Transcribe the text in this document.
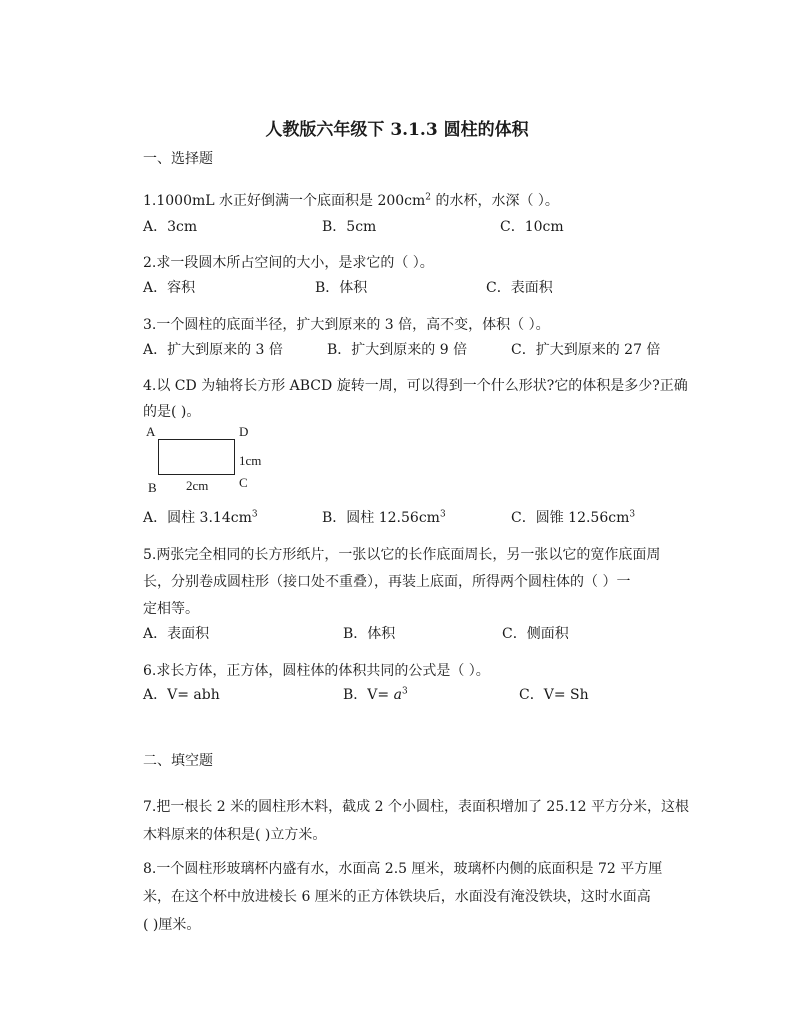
人教版六年级下 3.1.3 圆柱的体积
一、选择题
1.1000mL 水正好倒满一个底面积是 $200cm^2$ 的水杯，水深（ ）。
A．3cm	B．5cm	C．10cm
2.求一段圆木所占空间的大小，是求它的（ ）。
A．容积	B．体积	C．表面积
3.一个圆柱的底面半径，扩大到原来的 3 倍，高不变，体积（ ）。
A．扩大到原来的 3 倍	B．扩大到原来的 9 倍	C．扩大到原来的 27 倍
4.以 CD 为轴将长方形 ABCD 旋转一周，可以得到一个什么形状?它的体积是多少?正确
的是( )。
A	D
1cm
B 2cm C
A．圆柱 $3.14cm^3$	B．圆柱 $12.56cm^3$	C．圆锥 $12.56cm^3$
5.两张完全相同的长方形纸片，一张以它的长作底面周长，另一张以它的宽作底面周
长，分别卷成圆柱形（接口处不重叠），再装上底面，所得两个圆柱体的（ ）一
定相等。
A．表面积	B．体积	C．侧面积
6.求长方体，正方体，圆柱体的体积共同的公式是（ ）。
A．V= abh	B．$V= a^3$	C．V= Sh
二、填空题
7.把一根长 2 米的圆柱形木料，截成 2 个小圆柱，表面积增加了 25.12 平方分米，这根
木料原来的体积是( )立方米。
8.一个圆柱形玻璃杯内盛有水，水面高 2.5 厘米，玻璃杯内侧的底面积是 72 平方厘
米，在这个杯中放进棱长 6 厘米的正方体铁块后，水面没有淹没铁块，这时水面高
( )厘米。
